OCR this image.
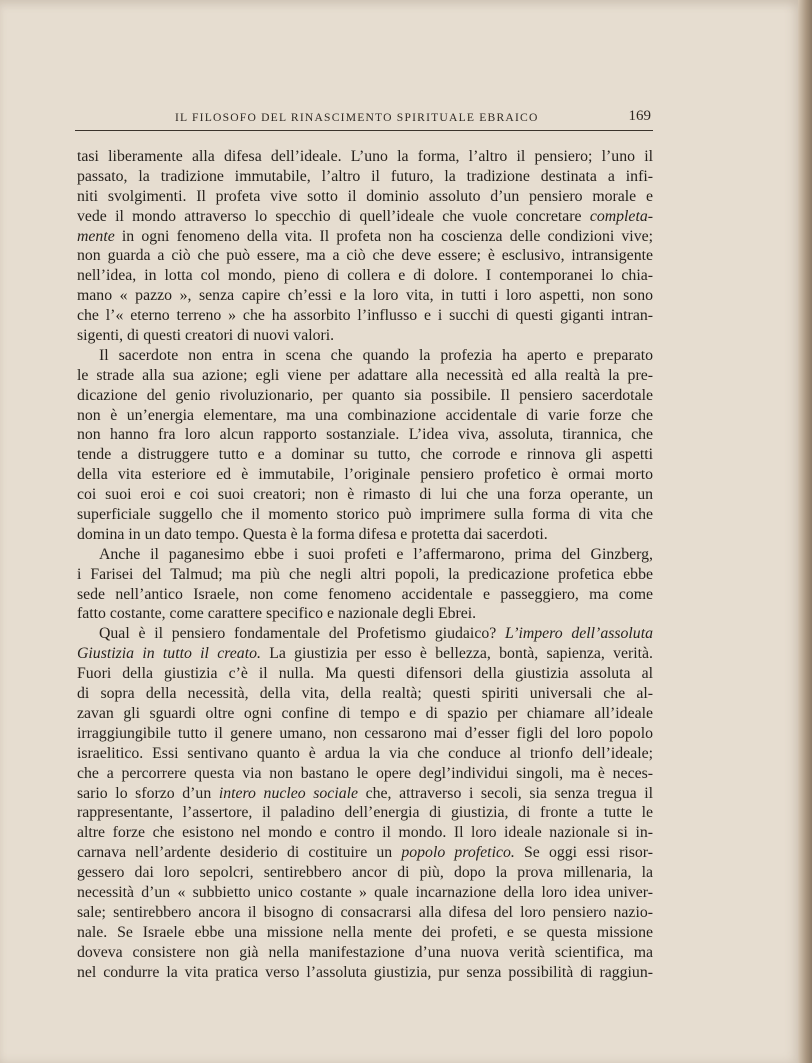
IL FILOSOFO DEL RINASCIMENTO SPIRITUALE EBRAICO	169
tasi liberamente alla difesa dell’ideale. L’uno la forma, l’altro il pensiero; l’uno il
passato, la tradizione immutabile, l’altro il futuro, la tradizione destinata a infi-
niti svolgimenti. Il profeta vive sotto il dominio assoluto d’un pensiero morale e
vede il mondo attraverso lo specchio di quell’ideale che vuole concretare completa-
mente in ogni fenomeno della vita. Il profeta non ha coscienza delle condizioni vive;
non guarda a ciò che può essere, ma a ciò che deve essere; è esclusivo, intransigente
nell’idea, in lotta col mondo, pieno di collera e di dolore. I contemporanei lo chia-
mano « pazzo », senza capire ch’essi e la loro vita, in tutti i loro aspetti, non sono
che l’« eterno terreno » che ha assorbito l’influsso e i succhi di questi giganti intran-
sigenti, di questi creatori di nuovi valori.
Il sacerdote non entra in scena che quando la profezia ha aperto e preparato
le strade alla sua azione; egli viene per adattare alla necessità ed alla realtà la pre-
dicazione del genio rivoluzionario, per quanto sia possibile. Il pensiero sacerdotale
non è un’energia elementare, ma una combinazione accidentale di varie forze che
non hanno fra loro alcun rapporto sostanziale. L’idea viva, assoluta, tirannica, che
tende a distruggere tutto e a dominar su tutto, che corrode e rinnova gli aspetti
della vita esteriore ed è immutabile, l’originale pensiero profetico è ormai morto
coi suoi eroi e coi suoi creatori; non è rimasto di lui che una forza operante, un
superficiale suggello che il momento storico può imprimere sulla forma di vita che
domina in un dato tempo. Questa è la forma difesa e protetta dai sacerdoti.
Anche il paganesimo ebbe i suoi profeti e l’affermarono, prima del Ginzberg,
i Farisei del Talmud; ma più che negli altri popoli, la predicazione profetica ebbe
sede nell’antico Israele, non come fenomeno accidentale e passeggiero, ma come
fatto costante, come carattere specifico e nazionale degli Ebrei.
Qual è il pensiero fondamentale del Profetismo giudaico? L’impero dell’assoluta
Giustizia in tutto il creato. La giustizia per esso è bellezza, bontà, sapienza, verità.
Fuori della giustizia c’è il nulla. Ma questi difensori della giustizia assoluta al
di sopra della necessità, della vita, della realtà; questi spiriti universali che al-
zavan gli sguardi oltre ogni confine di tempo e di spazio per chiamare all’ideale
irraggiungibile tutto il genere umano, non cessarono mai d’esser figli del loro popolo
israelitico. Essi sentivano quanto è ardua la via che conduce al trionfo dell’ideale;
che a percorrere questa via non bastano le opere degl’individui singoli, ma è neces-
sario lo sforzo d’un intero nucleo sociale che, attraverso i secoli, sia senza tregua il
rappresentante, l’assertore, il paladino dell’energia di giustizia, di fronte a tutte le
altre forze che esistono nel mondo e contro il mondo. Il loro ideale nazionale si in-
carnava nell’ardente desiderio di costituire un popolo profetico. Se oggi essi risor-
gessero dai loro sepolcri, sentirebbero ancor di più, dopo la prova millenaria, la
necessità d’un « subbietto unico costante » quale incarnazione della loro idea univer-
sale; sentirebbero ancora il bisogno di consacrarsi alla difesa del loro pensiero nazio-
nale. Se Israele ebbe una missione nella mente dei profeti, e se questa missione
doveva consistere non già nella manifestazione d’una nuova verità scientifica, ma
nel condurre la vita pratica verso l’assoluta giustizia, pur senza possibilità di raggiun-
